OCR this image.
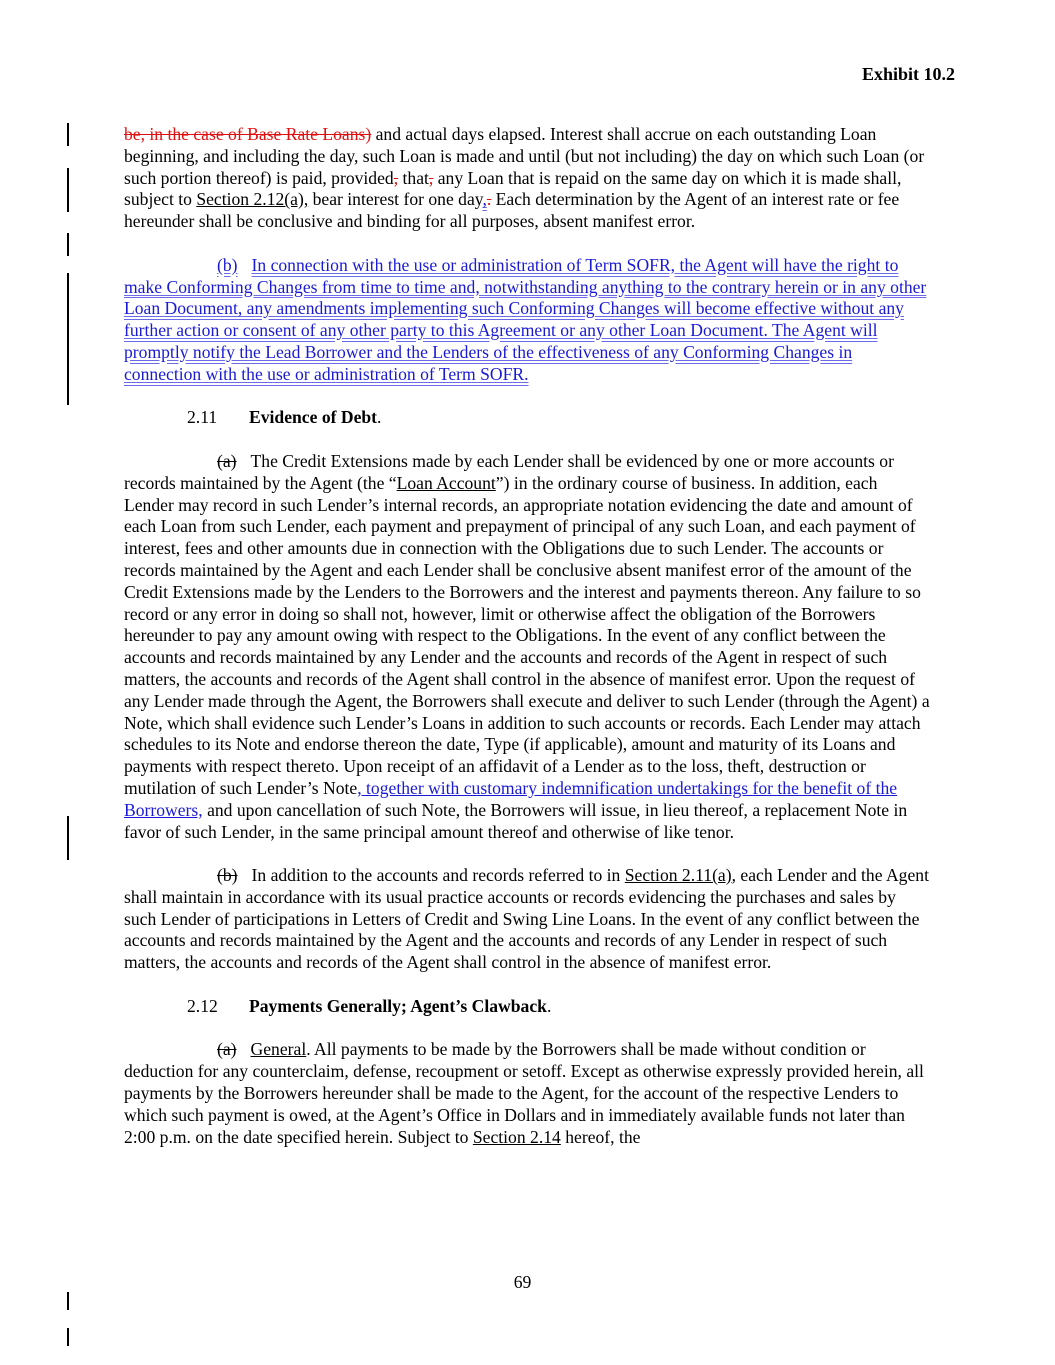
Exhibit 10.2

be, in the case of Base Rate Loans) and actual days elapsed. Interest shall accrue on each outstanding Loan beginning, and including the day, such Loan is made and until (but not including) the day on which such Loan (or such portion thereof) is paid, provided, that, any Loan that is repaid on the same day on which it is made shall, subject to Section 2.12(a), bear interest for one day,. Each determination by the Agent of an interest rate or fee hereunder shall be conclusive and binding for all purposes, absent manifest error.

(b) In connection with the use or administration of Term SOFR, the Agent will have the right to make Conforming Changes from time to time and, notwithstanding anything to the contrary herein or in any other Loan Document, any amendments implementing such Conforming Changes will become effective without any further action or consent of any other party to this Agreement or any other Loan Document. The Agent will promptly notify the Lead Borrower and the Lenders of the effectiveness of any Conforming Changes in connection with the use or administration of Term SOFR.

2.11 Evidence of Debt.

(a) The Credit Extensions made by each Lender shall be evidenced by one or more accounts or records maintained by the Agent (the “Loan Account”) in the ordinary course of business. In addition, each Lender may record in such Lender’s internal records, an appropriate notation evidencing the date and amount of each Loan from such Lender, each payment and prepayment of principal of any such Loan, and each payment of interest, fees and other amounts due in connection with the Obligations due to such Lender. The accounts or records maintained by the Agent and each Lender shall be conclusive absent manifest error of the amount of the Credit Extensions made by the Lenders to the Borrowers and the interest and payments thereon. Any failure to so record or any error in doing so shall not, however, limit or otherwise affect the obligation of the Borrowers hereunder to pay any amount owing with respect to the Obligations. In the event of any conflict between the accounts and records maintained by any Lender and the accounts and records of the Agent in respect of such matters, the accounts and records of the Agent shall control in the absence of manifest error. Upon the request of any Lender made through the Agent, the Borrowers shall execute and deliver to such Lender (through the Agent) a Note, which shall evidence such Lender’s Loans in addition to such accounts or records. Each Lender may attach schedules to its Note and endorse thereon the date, Type (if applicable), amount and maturity of its Loans and payments with respect thereto. Upon receipt of an affidavit of a Lender as to the loss, theft, destruction or mutilation of such Lender’s Note, together with customary indemnification undertakings for the benefit of the Borrowers, and upon cancellation of such Note, the Borrowers will issue, in lieu thereof, a replacement Note in favor of such Lender, in the same principal amount thereof and otherwise of like tenor.

(b) In addition to the accounts and records referred to in Section 2.11(a), each Lender and the Agent shall maintain in accordance with its usual practice accounts or records evidencing the purchases and sales by such Lender of participations in Letters of Credit and Swing Line Loans. In the event of any conflict between the accounts and records maintained by the Agent and the accounts and records of any Lender in respect of such matters, the accounts and records of the Agent shall control in the absence of manifest error.

2.12 Payments Generally; Agent’s Clawback.

(a) General. All payments to be made by the Borrowers shall be made without condition or deduction for any counterclaim, defense, recoupment or setoff. Except as otherwise expressly provided herein, all payments by the Borrowers hereunder shall be made to the Agent, for the account of the respective Lenders to which such payment is owed, at the Agent’s Office in Dollars and in immediately available funds not later than 2:00 p.m. on the date specified herein. Subject to Section 2.14 hereof, the

69
